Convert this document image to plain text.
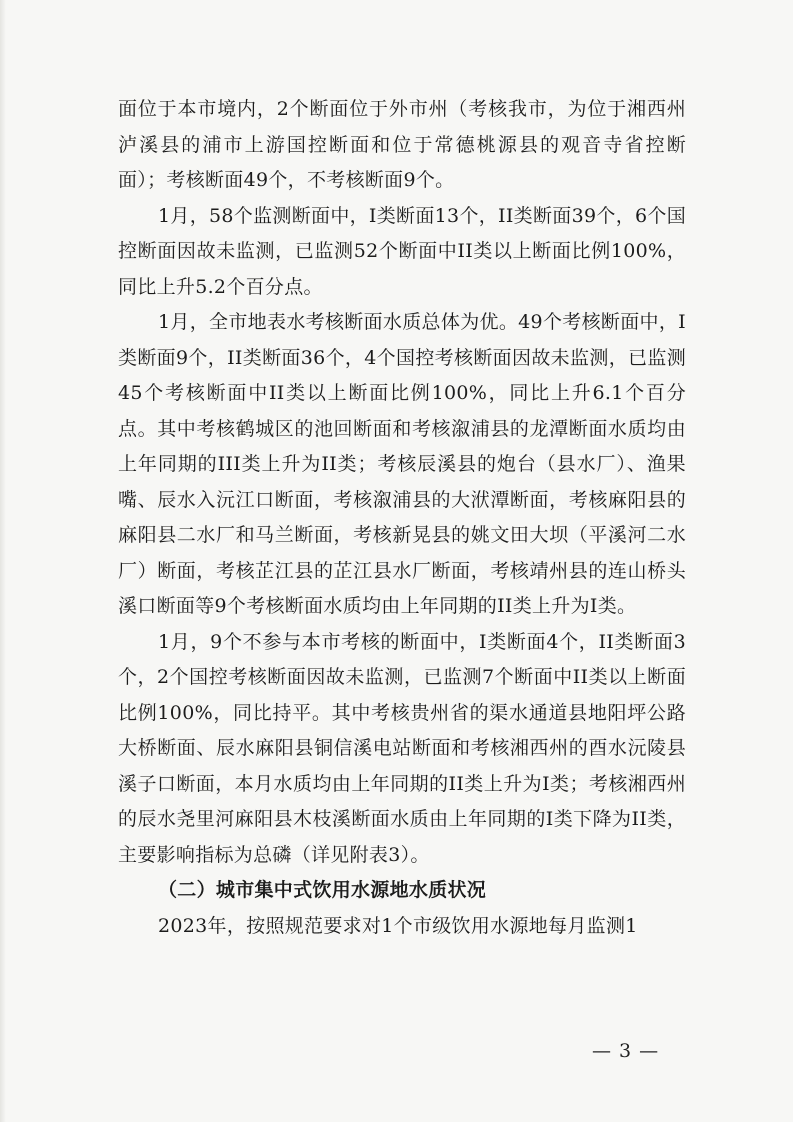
面位于本市境内，2个断面位于外市州（考核我市，为位于湘西州泸溪县的浦市上游国控断面和位于常德桃源县的观音寺省控断面）；考核断面49个，不考核断面9个。

1月，58个监测断面中，I类断面13个，II类断面39个，6个国控断面因故未监测，已监测52个断面中II类以上断面比例100%，同比上升5.2个百分点。

1月，全市地表水考核断面水质总体为优。49个考核断面中，I类断面9个，II类断面36个，4个国控考核断面因故未监测，已监测45个考核断面中II类以上断面比例100%，同比上升6.1个百分点。其中考核鹤城区的池回断面和考核溆浦县的龙潭断面水质均由上年同期的III类上升为II类；考核辰溪县的炮台（县水厂）、渔果嘴、辰水入沅江口断面，考核溆浦县的大洑潭断面，考核麻阳县的麻阳县二水厂和马兰断面，考核新晃县的姚文田大坝（平溪河二水厂）断面，考核芷江县的芷江县水厂断面，考核靖州县的连山桥头溪口断面等9个考核断面水质均由上年同期的II类上升为I类。

1月，9个不参与本市考核的断面中，I类断面4个，II类断面3个，2个国控考核断面因故未监测，已监测7个断面中II类以上断面比例100%，同比持平。其中考核贵州省的渠水通道县地阳坪公路大桥断面、辰水麻阳县铜信溪电站断面和考核湘西州的酉水沅陵县溪子口断面，本月水质均由上年同期的II类上升为I类；考核湘西州的辰水尧里河麻阳县木枝溪断面水质由上年同期的I类下降为II类，主要影响指标为总磷（详见附表3）。

（二）城市集中式饮用水源地水质状况

2023年，按照规范要求对1个市级饮用水源地每月监测1

— 3 —
